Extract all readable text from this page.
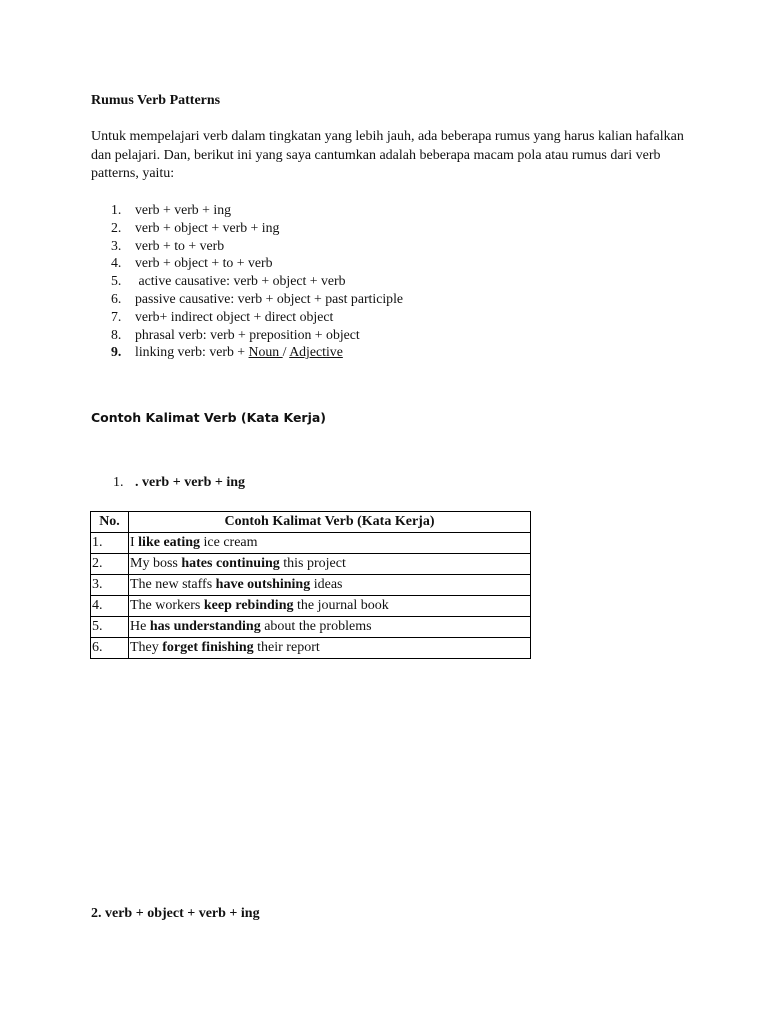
Rumus Verb Patterns
Untuk mempelajari verb dalam tingkatan yang lebih jauh, ada beberapa rumus yang harus kalian hafalkan dan pelajari. Dan, berikut ini yang saya cantumkan adalah beberapa macam pola atau rumus dari verb patterns, yaitu:
1. verb + verb + ing
2. verb + object + verb + ing
3. verb + to + verb
4. verb + object + to + verb
5. active causative: verb + object + verb
6. passive causative: verb + object + past participle
7. verb+ indirect object + direct object
8. phrasal verb: verb + preposition + object
9. linking verb: verb + Noun / Adjective
Contoh Kalimat Verb (Kata Kerja)
1. . verb + verb + ing
No.	Contoh Kalimat Verb (Kata Kerja)
1.	I like eating ice cream
2.	My boss hates continuing this project
3.	The new staffs have outshining ideas
4.	The workers keep rebinding the journal book
5.	He has understanding about the problems
6.	They forget finishing their report
2. verb + object + verb + ing
